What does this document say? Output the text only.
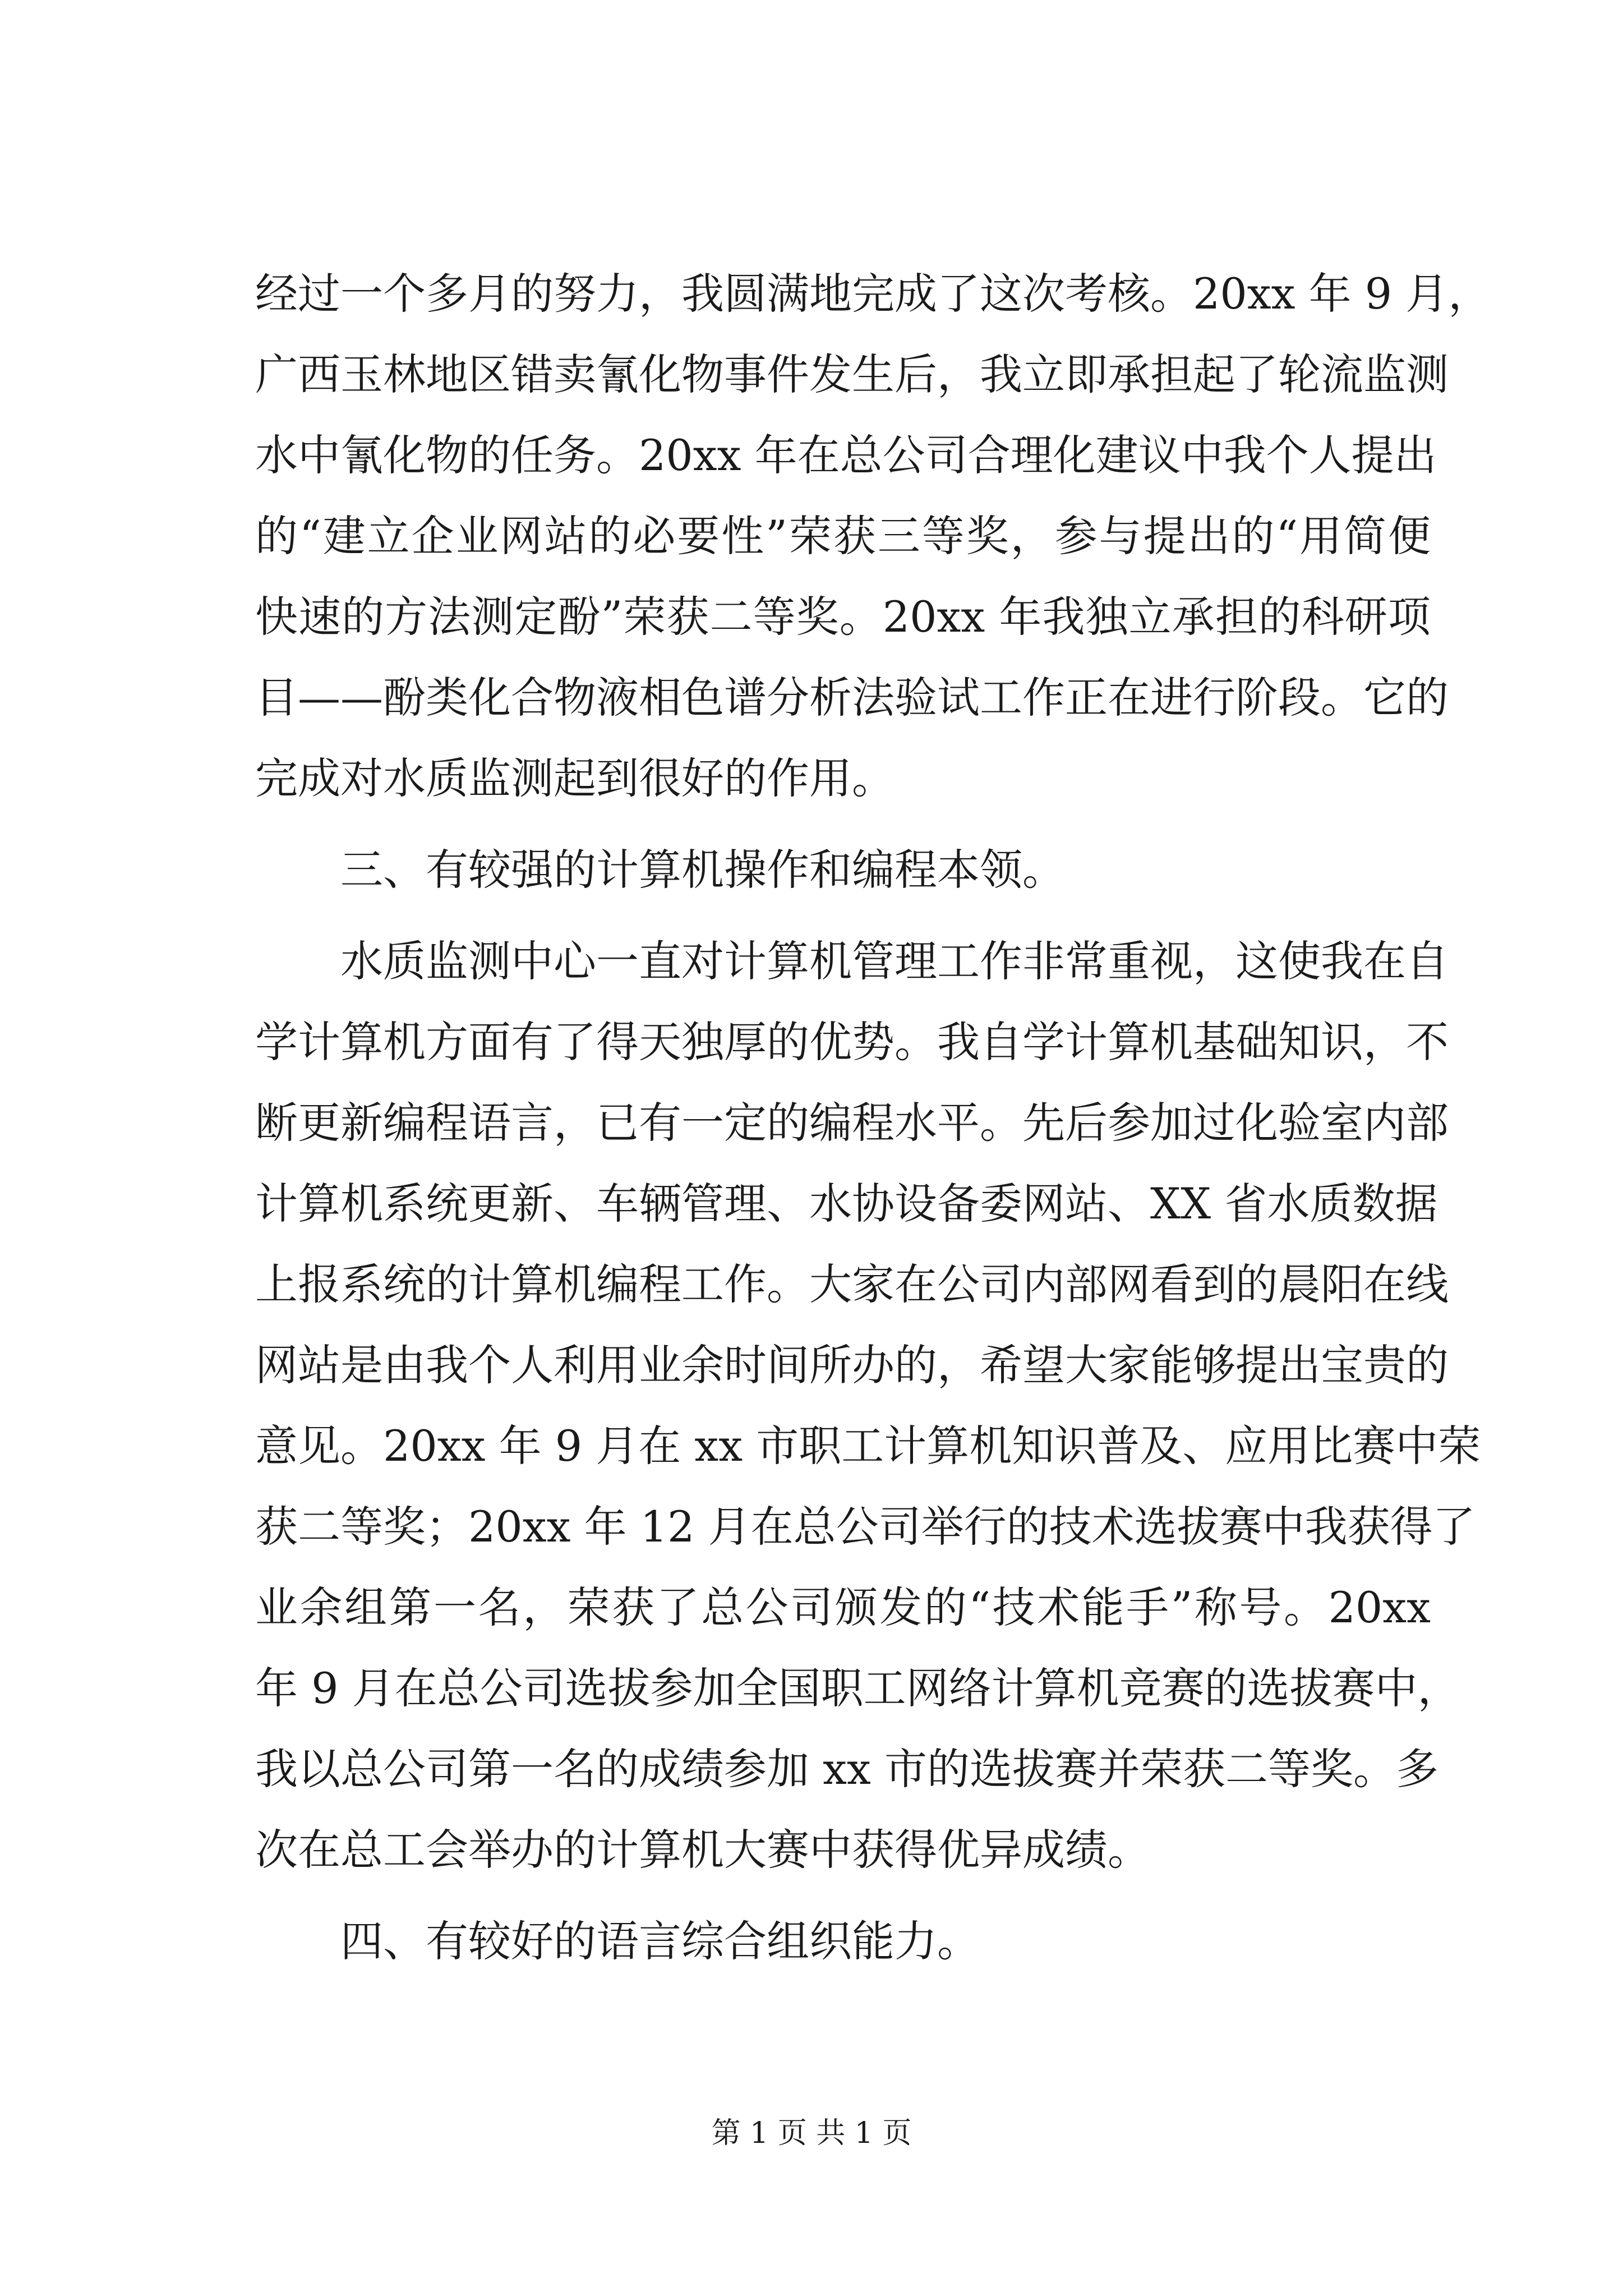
经过一个多月的努力，我圆满地完成了这次考核。20xx 年 9 月，
广西玉林地区错卖氰化物事件发生后，我立即承担起了轮流监测
水中氰化物的任务。20xx 年在总公司合理化建议中我个人提出
的“建立企业网站的必要性”荣获三等奖，参与提出的“用简便
快速的方法测定酚”荣获二等奖。20xx 年我独立承担的科研项
目——酚类化合物液相色谱分析法验试工作正在进行阶段。它的
完成对水质监测起到很好的作用。
三、有较强的计算机操作和编程本领。
水质监测中心一直对计算机管理工作非常重视，这使我在自
学计算机方面有了得天独厚的优势。我自学计算机基础知识，不
断更新编程语言，已有一定的编程水平。先后参加过化验室内部
计算机系统更新、车辆管理、水协设备委网站、XX 省水质数据
上报系统的计算机编程工作。大家在公司内部网看到的晨阳在线
网站是由我个人利用业余时间所办的，希望大家能够提出宝贵的
意见。20xx 年 9 月在 xx 市职工计算机知识普及、应用比赛中荣
获二等奖；20xx 年 12 月在总公司举行的技术选拔赛中我获得了
业余组第一名，荣获了总公司颁发的“技术能手”称号。20xx
年 9 月在总公司选拔参加全国职工网络计算机竞赛的选拔赛中，
我以总公司第一名的成绩参加 xx 市的选拔赛并荣获二等奖。多
次在总工会举办的计算机大赛中获得优异成绩。
四、有较好的语言综合组织能力。
第 1 页 共 1 页
